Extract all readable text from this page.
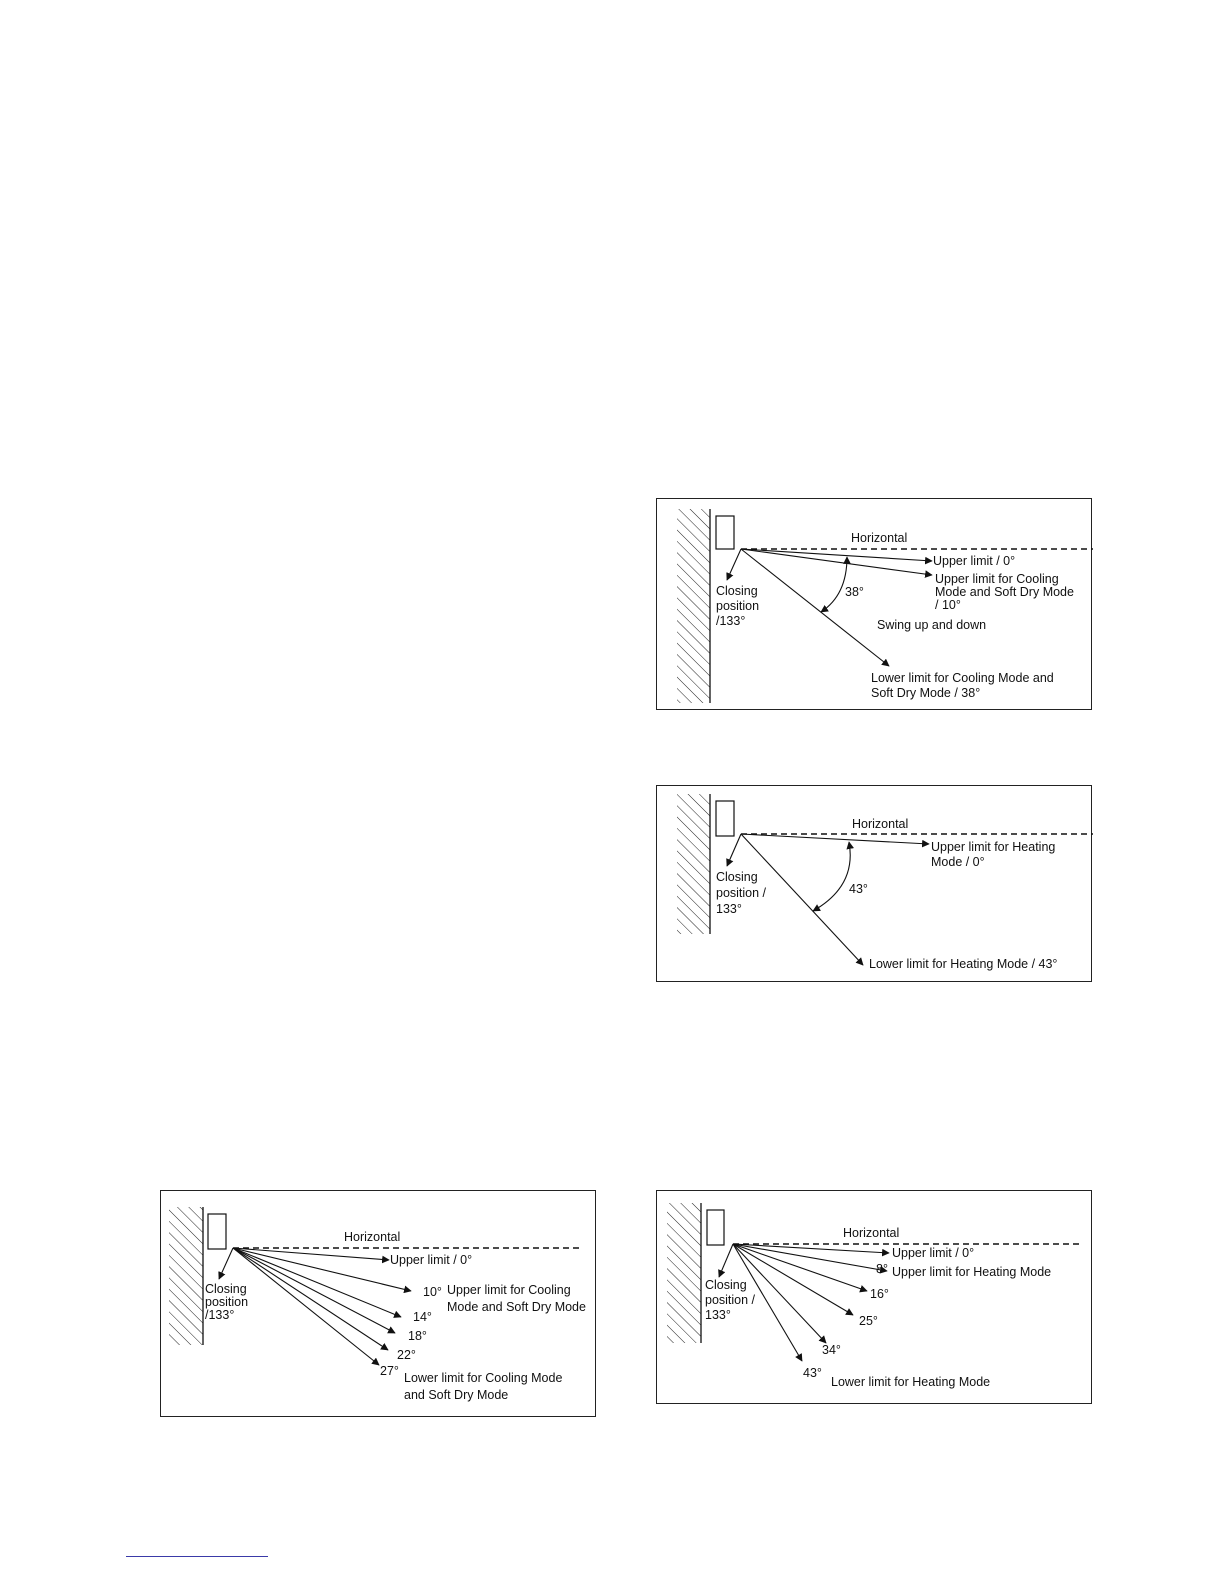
Horizontal
Upper limit / 0°
Upper limit for Cooling
Mode and Soft Dry Mode
/ 10°
Closing
position
/133°
38°
Swing up and down
Lower limit for Cooling Mode and
Soft Dry Mode / 38°
Horizontal
Upper limit for Heating
Mode / 0°
Closing
position /
133°
43°
Lower limit for Heating Mode / 43°
Horizontal
Upper limit / 0°
Closing
position
/133°
10°
14°
18°
22°
27°
Upper limit for Cooling
Mode and Soft Dry Mode
Lower limit for Cooling Mode
and Soft Dry Mode
Horizontal
Upper limit / 0°
8° Upper limit for Heating Mode
Closing
position /
133°
16°
25°
34°
43°
Lower limit for Heating Mode
